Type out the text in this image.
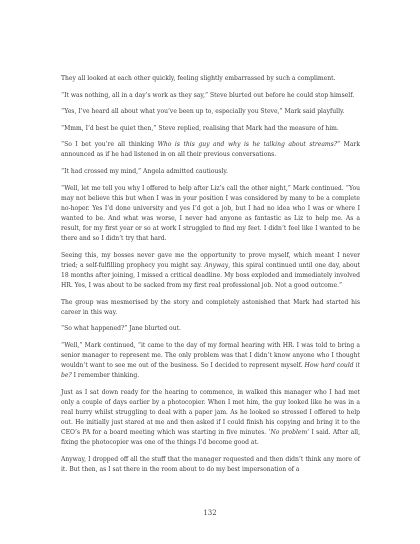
They all looked at each other quickly, feeling slightly embarrassed by such a compliment.

“It was nothing, all in a day’s work as they say,” Steve blurted out before he could stop himself.

“Yes, I’ve heard all about what you’ve been up to, especially you Steve,” Mark said playfully.

“Mmm, I’d best be quiet then,” Steve replied, realising that Mark had the measure of him.

“So I bet you’re all thinking Who is this guy and why is he talking about streams?” Mark announced as if he had listened in on all their previous conversations.

“It had crossed my mind,” Angela admitted cautiously.

“Well, let me tell you why I offered to help after Liz’s call the other night,” Mark continued. “You may not believe this but when I was in your position I was considered by many to be a complete no-hoper. Yes I’d done university and yes I’d got a job, but I had no idea who I was or where I wanted to be. And what was worse, I never had anyone as fantastic as Liz to help me. As a result, for my first year or so at work I struggled to find my feet. I didn’t feel like I wanted to be there and so I didn’t try that hard.

Seeing this, my bosses never gave me the opportunity to prove myself, which meant I never tried; a self-fulfilling prophecy you might say. Anyway, this spiral continued until one day, about 18 months after joining, I missed a critical deadline. My boss exploded and immediately involved HR. Yes, I was about to be sacked from my first real professional job. Not a good outcome.”

The group was mesmerised by the story and completely astonished that Mark had started his career in this way.

“So what happened?” Jane blurted out.

“Well,” Mark continued, “it came to the day of my formal hearing with HR. I was told to bring a senior manager to represent me. The only problem was that I didn’t know anyone who I thought wouldn’t want to see me out of the business. So I decided to represent myself. How hard could it be? I remember thinking.

Just as I sat down ready for the hearing to commence, in walked this manager who I had met only a couple of days earlier by a photocopier. When I met him, the guy looked like he was in a real hurry whilst struggling to deal with a paper jam. As he looked so stressed I offered to help out. He initially just stared at me and then asked if I could finish his copying and bring it to the CEO’s PA for a board meeting which was starting in five minutes. ‘No problem’ I said. After all, fixing the photocopier was one of the things I’d become good at.

Anyway, I dropped off all the stuff that the manager requested and then didn’t think any more of it. But then, as I sat there in the room about to do my best impersonation of a

132
